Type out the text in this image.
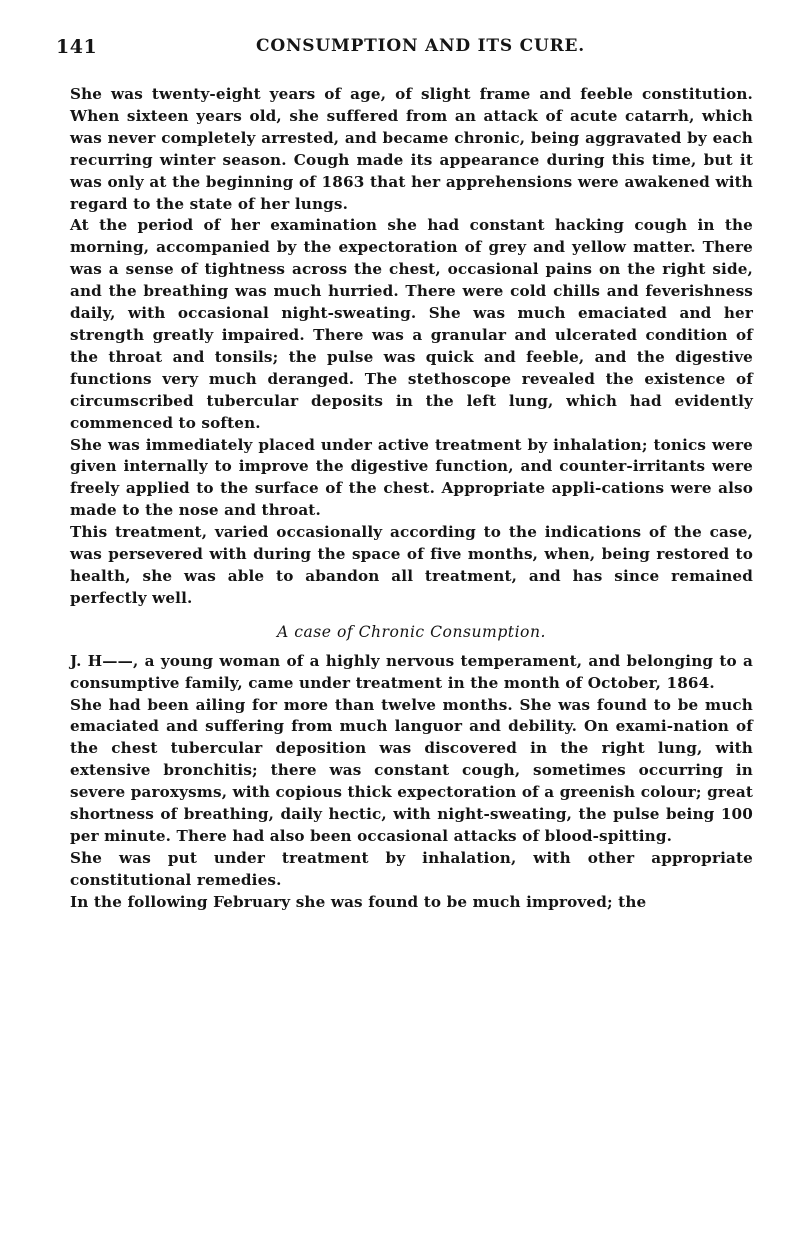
141	CONSUMPTION AND ITS CURE.

She was twenty-eight years of age, of slight frame and feeble constitution. When sixteen years old, she suffered from an attack of acute catarrh, which was never completely arrested, and became chronic, being aggravated by each recurring winter season. Cough made its appearance during this time, but it was only at the beginning of 1863 that her apprehensions were awakened with regard to the state of her lungs.

At the period of her examination she had constant hacking cough in the morning, accompanied by the expectoration of grey and yellow matter. There was a sense of tightness across the chest, occasional pains on the right side, and the breathing was much hurried. There were cold chills and feverishness daily, with occasional night-sweating. She was much emaciated and her strength greatly impaired. There was a granular and ulcerated condition of the throat and tonsils; the pulse was quick and feeble, and the digestive functions very much deranged. The stethoscope revealed the existence of circumscribed tubercular deposits in the left lung, which had evidently commenced to soften.

She was immediately placed under active treatment by inhalation; tonics were given internally to improve the digestive function, and counter-irritants were freely applied to the surface of the chest. Appropriate appli-cations were also made to the nose and throat.

This treatment, varied occasionally according to the indications of the case, was persevered with during the space of five months, when, being restored to health, she was able to abandon all treatment, and has since remained perfectly well.

A case of Chronic Consumption.

J. H——, a young woman of a highly nervous temperament, and belonging to a consumptive family, came under treatment in the month of October, 1864.

She had been ailing for more than twelve months. She was found to be much emaciated and suffering from much languor and debility. On exami-nation of the chest tubercular deposition was discovered in the right lung, with extensive bronchitis; there was constant cough, sometimes occurring in severe paroxysms, with copious thick expectoration of a greenish colour; great shortness of breathing, daily hectic, with night-sweating, the pulse being 100 per minute. There had also been occasional attacks of blood-spitting.

She was put under treatment by inhalation, with other appropriate constitutional remedies.

In the following February she was found to be much improved; the
